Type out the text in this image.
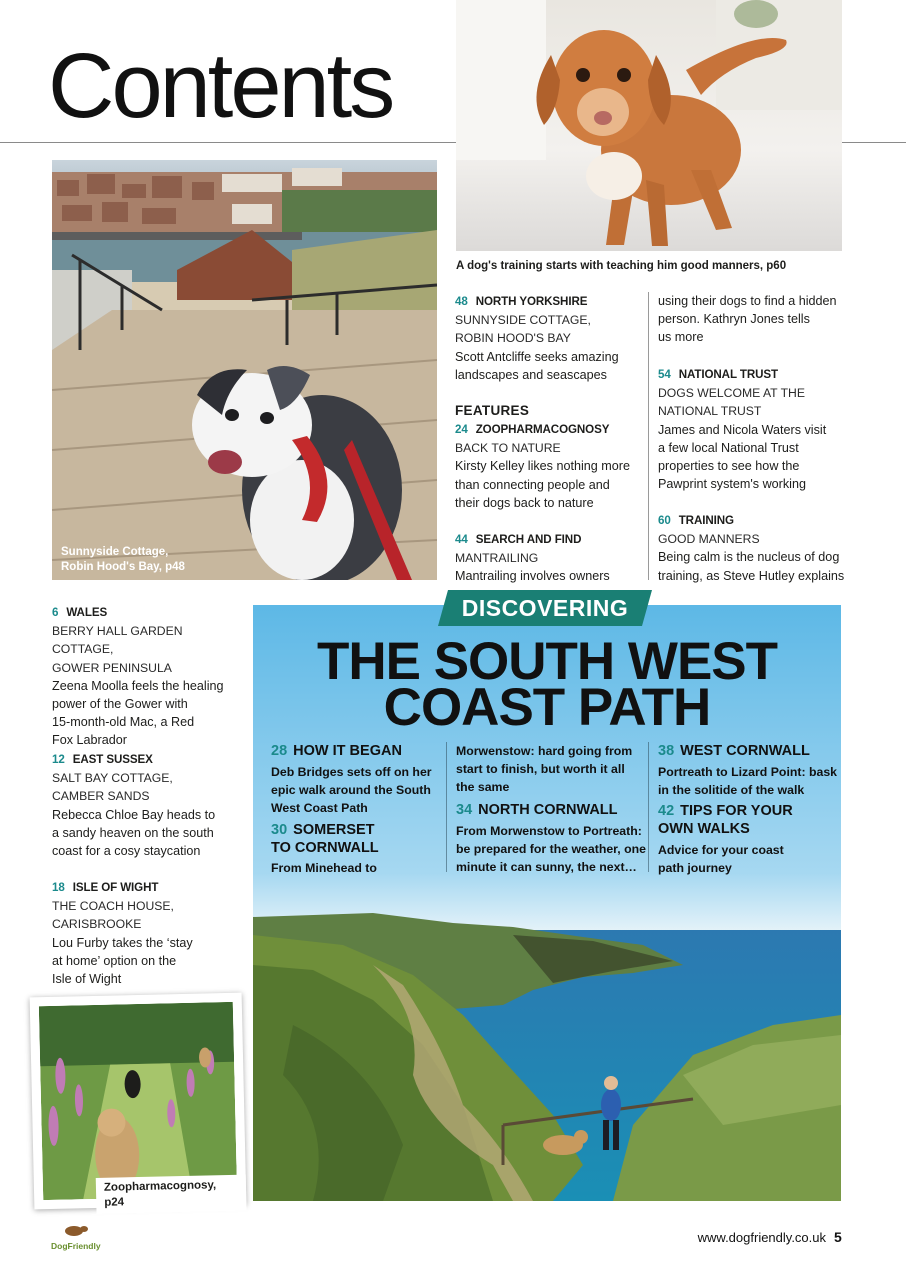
Contents
A dog's training starts with teaching him good manners, p60
Sunnyside Cottage,
Robin Hood's Bay, p48
48 NORTH YORKSHIRE
SUNNYSIDE COTTAGE,
ROBIN HOOD'S BAY
Scott Antcliffe seeks amazing
landscapes and seascapes
FEATURES
24 ZOOPHARMACOGNOSY
BACK TO NATURE
Kirsty Kelley likes nothing more
than connecting people and
their dogs back to nature
44 SEARCH AND FIND
MANTRAILING
Mantrailing involves owners
using their dogs to find a hidden
person. Kathryn Jones tells
us more
54 NATIONAL TRUST
DOGS WELCOME AT THE
NATIONAL TRUST
James and Nicola Waters visit
a few local National Trust
properties to see how the
Pawprint system's working
60 TRAINING
GOOD MANNERS
Being calm is the nucleus of dog
training, as Steve Hutley explains
6 WALES
BERRY HALL GARDEN COTTAGE,
GOWER PENINSULA
Zeena Moolla feels the healing
power of the Gower with
15-month-old Mac, a Red
Fox Labrador
12 EAST SUSSEX
SALT BAY COTTAGE,
CAMBER SANDS
Rebecca Chloe Bay heads to
a sandy heaven on the south
coast for a cosy staycation
18 ISLE OF WIGHT
THE COACH HOUSE,
CARISBROOKE
Lou Furby takes the ‘stay
at home’ option on the
Isle of Wight
Zoopharmacognosy, p24
DISCOVERING
THE SOUTH WEST
COAST PATH
28 HOW IT BEGAN
Deb Bridges sets off on her
epic walk around the South
West Coast Path
30 SOMERSET
TO CORNWALL
From Minehead to
Morwenstow: hard going from
start to finish, but worth it all
the same
34 NORTH CORNWALL
From Morwenstow to Portreath:
be prepared for the weather, one
minute it can sunny, the next…
38 WEST CORNWALL
Portreath to Lizard Point: bask
in the solitide of the walk
42 TIPS FOR YOUR
OWN WALKS
Advice for your coast
path journey
DogFriendly
www.dogfriendly.co.uk 5
